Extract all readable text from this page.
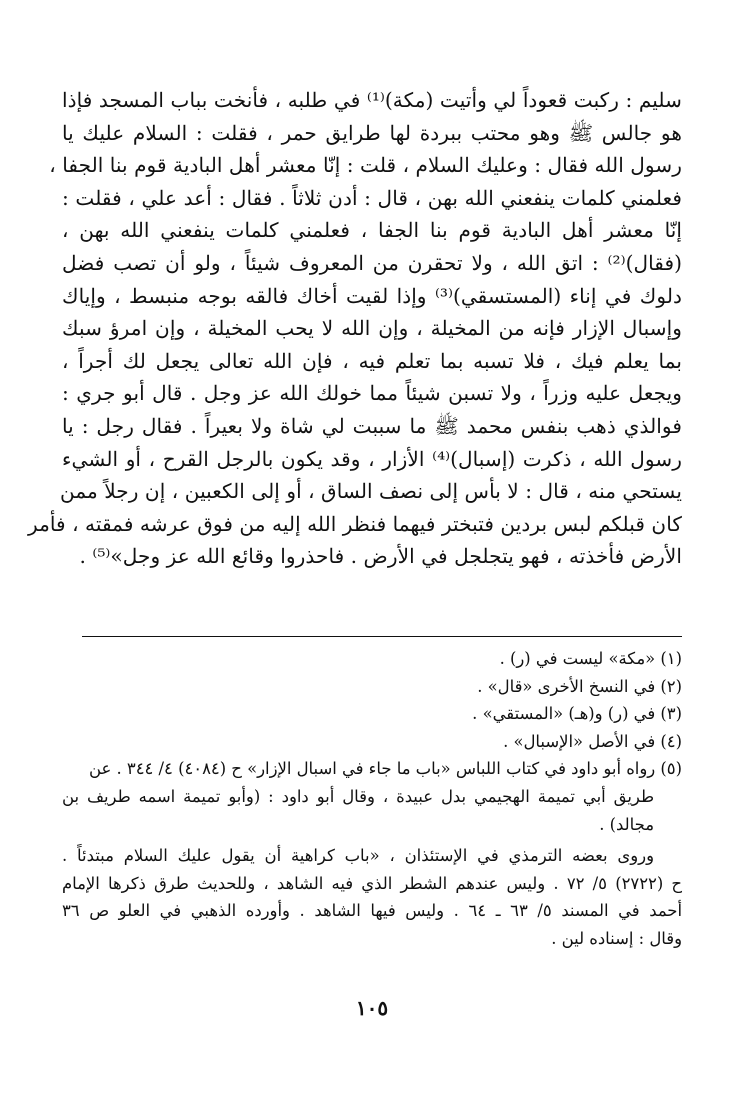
سليم : ركبت قعوداً لي وأتيت (مكة)⁽¹⁾ في طلبه ، فأنخت بباب المسجد فإذا
هو جالس ﷺ وهو محتب ببردة لها طرايق حمر ، فقلت : السلام عليك يا
رسول الله فقال : وعليك السلام ، قلت : إنّا معشر أهل البادية قوم بنا الجفا ،
فعلمني كلمات ينفعني الله بهن ، قال : أدن ثلاثاً . فقال : أعد علي ، فقلت :
إنّا معشر أهل البادية قوم بنا الجفا ، فعلمني كلمات ينفعني الله بهن ،
(فقال)⁽²⁾ : اتق الله ، ولا تحقرن من المعروف شيئاً ، ولو أن تصب فضل
دلوك في إناء (المستسقي)⁽³⁾ وإذا لقيت أخاك فالقه بوجه منبسط ، وإياك
وإسبال الإزار فإنه من المخيلة ، وإن الله لا يحب المخيلة ، وإن امرؤ سبك
بما يعلم فيك ، فلا تسبه بما تعلم فيه ، فإن الله تعالى يجعل لك أجراً ،
ويجعل عليه وزراً ، ولا تسبن شيئاً مما خولك الله عز وجل . قال أبو جري :
فوالذي ذهب بنفس محمد ﷺ ما سببت لي شاة ولا بعيراً . فقال رجل : يا
رسول الله ، ذكرت (إسبال)⁽⁴⁾ الأزار ، وقد يكون بالرجل القرح ، أو الشيء
يستحي منه ، قال : لا بأس إلى نصف الساق ، أو إلى الكعبين ، إن رجلاً ممن
كان قبلكم لبس بردين فتبختر فيهما فنظر الله إليه من فوق عرشه فمقته ، فأمر
الأرض فأخذته ، فهو يتجلجل في الأرض . فاحذروا وقائع الله عز وجل»⁽⁵⁾ .
(١) «مكة» ليست في (ر) .
(٢) في النسخ الأخرى «قال» .
(٣) في (ر) و(هـ) «المستقي» .
(٤) في الأصل «الإسبال» .
(٥) رواه أبو داود في كتاب اللباس «باب ما جاء في اسبال الإزار» ح (٤٠٨٤) ٤/ ٣٤٤ . عن
طريق أبي تميمة الهجيمي بدل عبيدة ، وقال أبو داود : (وأبو تميمة اسمه طريف بن
مجالد) .
وروى بعضه الترمذي في الإستئذان ، «باب كراهية أن يقول عليك السلام مبتدئاً .
ح (٢٧٢٢) ٥/ ٧٢ . وليس عندهم الشطر الذي فيه الشاهد ، وللحديث طرق ذكرها الإمام
أحمد في المسند ٥/ ٦٣ ـ ٦٤ . وليس فيها الشاهد . وأورده الذهبي في العلو ص ٣٦
وقال : إسناده لين .
١٠٥
